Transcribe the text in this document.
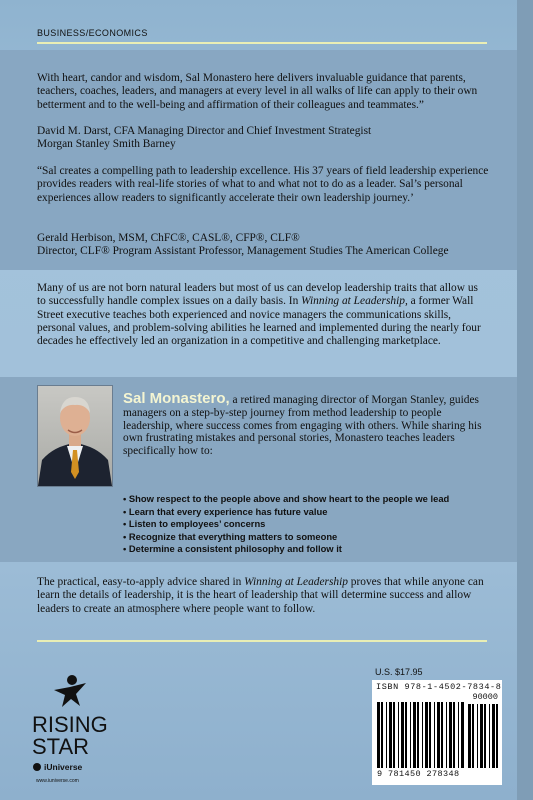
BUSINESS/ECONOMICS
With heart, candor and wisdom, Sal Monastero here delivers invaluable guidance that parents, teachers, coaches, leaders, and managers at every level in all walks of life can apply to their own betterment and to the well-being and affirmation of their colleagues and teammates.”
David M. Darst, CFA Managing Director and Chief Investment Strategist
Morgan Stanley Smith Barney
“Sal creates a compelling path to leadership excellence. His 37 years of field leadership experience provides readers with real-life stories of what to and what not to do as a leader. Sal’s personal experiences allow readers to significantly accelerate their own leadership journey.’
Gerald Herbison, MSM, ChFC®, CASL®, CFP®, CLF®
Director, CLF® Program Assistant Professor, Management Studies The American College
Many of us are not born natural leaders but most of us can develop leadership traits that allow us to successfully handle complex issues on a daily basis. In Winning at Leadership, a former Wall Street executive teaches both experienced and novice managers the communications skills, personal values, and problem-solving abilities he learned and implemented during the nearly four decades he effectively led an organization in a competitive and challenging marketplace.
Sal Monastero, a retired managing director of Morgan Stanley, guides managers on a step-by-step journey from method leadership to people leadership, where success comes from engaging with others. While sharing his own frustrating mistakes and personal stories, Monastero teaches leaders specifically how to:
• Show respect to the people above and show heart to the people we lead
• Learn that every experience has future value
• Listen to employees’ concerns
• Recognize that everything matters to someone
• Determine a consistent philosophy and follow it
The practical, easy-to-apply advice shared in Winning at Leadership proves that while anyone can learn the details of leadership, it is the heart of leadership that will determine success and allow leaders to create an atmosphere where people want to follow.
RISING
STAR
iUniverse
www.iuniverse.com
U.S. $17.95
ISBN 978-1-4502-7834-8
90000
9 781450 278348
